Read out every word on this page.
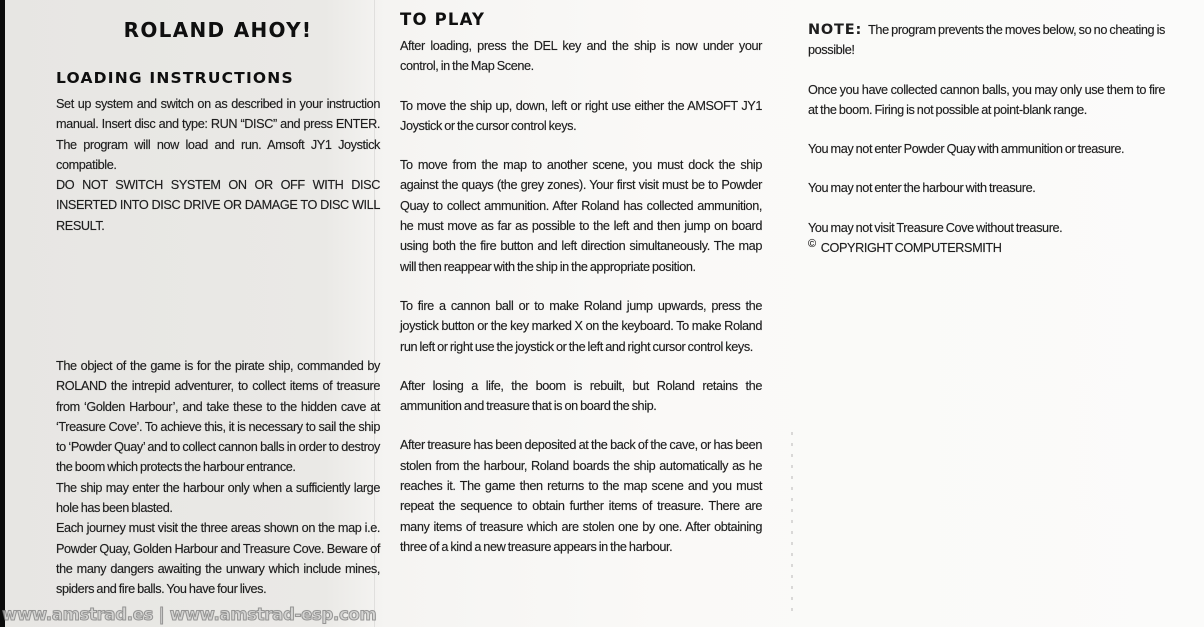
ROLAND AHOY!
LOADING INSTRUCTIONS

Set up system and switch on as described in your instruction manual. Insert disc and type: RUN “DISC” and press ENTER. The program will now load and run. Amsoft JY1 Joystick compatible.

DO NOT SWITCH SYSTEM ON OR OFF WITH DISC INSERTED INTO DISC DRIVE OR DAMAGE TO DISC WILL RESULT.

The object of the game is for the pirate ship, commanded by ROLAND the intrepid adventurer, to collect items of treasure from ‘Golden Harbour’, and take these to the hidden cave at ‘Treasure Cove’. To achieve this, it is necessary to sail the ship to ‘Powder Quay’ and to collect cannon balls in order to destroy the boom which protects the harbour entrance.

The ship may enter the harbour only when a sufficiently large hole has been blasted.

Each journey must visit the three areas shown on the map i.e. Powder Quay, Golden Harbour and Treasure Cove. Beware of the many dangers awaiting the unwary which include mines, spiders and fire balls. You have four lives.

TO PLAY

After loading, press the DEL key and the ship is now under your control, in the Map Scene.

To move the ship up, down, left or right use either the AMSOFT JY1 Joystick or the cursor control keys.

To move from the map to another scene, you must dock the ship against the quays (the grey zones). Your first visit must be to Powder Quay to collect ammunition. After Roland has collected ammunition, he must move as far as possible to the left and then jump on board using both the fire button and left direction simultaneously. The map will then reappear with the ship in the appropriate position.

To fire a cannon ball or to make Roland jump upwards, press the joystick button or the key marked X on the keyboard. To make Roland run left or right use the joystick or the left and right cursor control keys.

After losing a life, the boom is rebuilt, but Roland retains the ammunition and treasure that is on board the ship.

After treasure has been deposited at the back of the cave, or has been stolen from the harbour, Roland boards the ship automatically as he reaches it. The game then returns to the map scene and you must repeat the sequence to obtain further items of treasure. There are many items of treasure which are stolen one by one. After obtaining three of a kind a new treasure appears in the harbour.

NOTE: The program prevents the moves below, so no cheating is possible!

Once you have collected cannon balls, you may only use them to fire at the boom. Firing is not possible at point-blank range.

You may not enter Powder Quay with ammunition or treasure.

You may not enter the harbour with treasure.

You may not visit Treasure Cove without treasure.

© COPYRIGHT COMPUTERSMITH

www.amstrad.es | www.amstrad-esp.com
